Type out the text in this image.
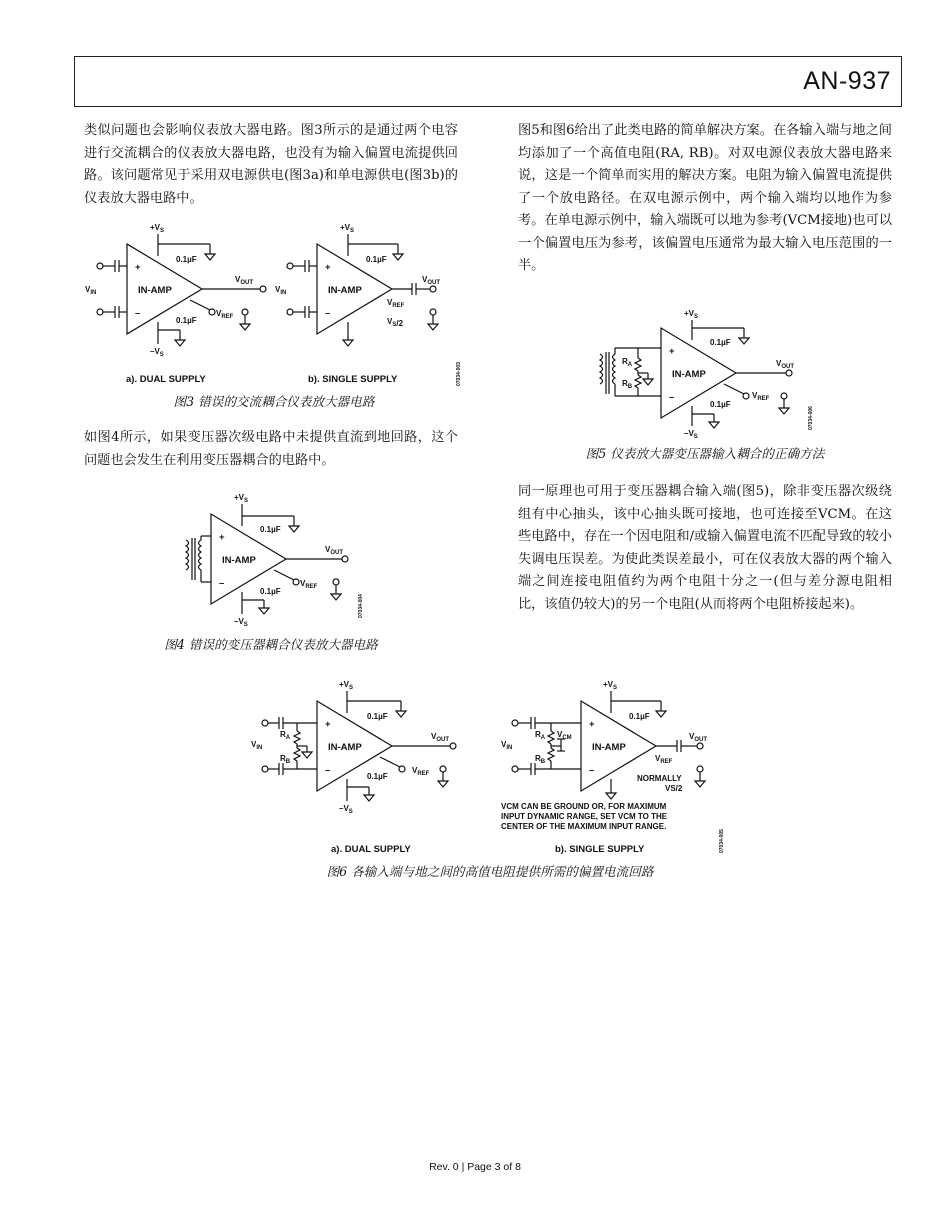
AN-937

类似问题也会影响仪表放大器电路。图3所示的是通过两个电容进行交流耦合的仪表放大器电路，也没有为输入偏置电流提供回路。该问题常见于采用双电源供电(图3a)和单电源供电(图3b)的仪表放大器电路中。

IN-AMP
+
–
$V_{IN}$
$+V_S$
0.1µF
0.1µF
$-V_S$
$V_{OUT}$
$V_{REF}$
IN-AMP
+
–
$V_{IN}$
$+V_S$
0.1µF
$V_{OUT}$
$V_{REF}$
$V_S/2$
a). DUAL SUPPLY	b). SINGLE SUPPLY	07034-003
图3 错误的交流耦合仪表放大器电路

如图4所示，如果变压器次级电路中未提供直流到地回路，这个问题也会发生在利用变压器耦合的电路中。

IN-AMP
+
–
$+V_S$
0.1µF
0.1µF
$-V_S$
$V_{OUT}$
$V_{REF}$
07034-004
图4 错误的变压器耦合仪表放大器电路

图5和图6给出了此类电路的简单解决方案。在各输入端与地之间均添加了一个高值电阻(RA, RB)。对双电源仪表放大器电路来说，这是一个简单而实用的解决方案。电阻为输入偏置电流提供了一个放电路径。在双电源示例中，两个输入端均以地作为参考。在单电源示例中，输入端既可以地为参考(VCM接地)也可以一个偏置电压为参考，该偏置电压通常为最大输入电压范围的一半。

IN-AMP
+
–
$R_A$
$R_B$
$+V_S$
0.1µF
0.1µF
$-V_S$
$V_{OUT}$
$V_{REF}$
07034-006
图5 仪表放大器变压器输入耦合的正确方法

同一原理也可用于变压器耦合输入端(图5)，除非变压器次级绕组有中心抽头，该中心抽头既可接地，也可连接至VCM。在这些电路中，存在一个因电阻和/或输入偏置电流不匹配导致的较小失调电压误差。为使此类误差最小，可在仪表放大器的两个输入端之间连接电阻值约为两个电阻十分之一(但与差分源电阻相比，该值仍较大)的另一个电阻(从而将两个电阻桥接起来)。

IN-AMP
+
–
$V_{IN}$
$R_A$
$R_B$
$+V_S$
0.1µF
0.1µF
$-V_S$
$V_{OUT}$
$V_{REF}$
IN-AMP
+
–
$V_{IN}$
$R_A$
$R_B$
$V_{CM}$
$+V_S$
0.1µF
$V_{OUT}$
$V_{REF}$
NORMALLY
VS/2
VCM CAN BE GROUND OR, FOR MAXIMUM
INPUT DYNAMIC RANGE, SET VCM TO THE
CENTER OF THE MAXIMUM INPUT RANGE.
a). DUAL SUPPLY	b). SINGLE SUPPLY	07034-005
图6 各输入端与地之间的高值电阻提供所需的偏置电流回路
Rev. 0 | Page 3 of 8
